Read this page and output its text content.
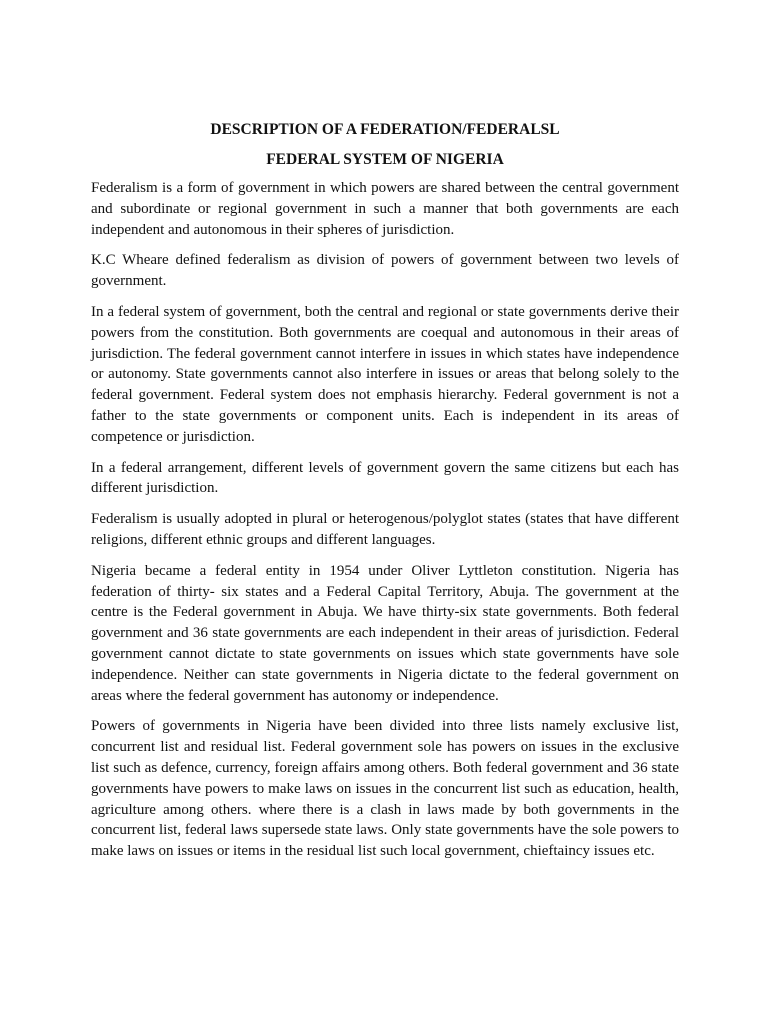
DESCRIPTION OF A FEDERATION/FEDERALSL
FEDERAL SYSTEM OF NIGERIA

Federalism is a form of government in which powers are shared between the central government and subordinate or regional government in such a manner that both governments are each independent and autonomous in their spheres of jurisdiction.

K.C Wheare defined federalism as division of powers of government between two levels of government.

In a federal system of government, both the central and regional or state governments derive their powers from the constitution. Both governments are coequal and autonomous in their areas of jurisdiction. The federal government cannot interfere in issues in which states have independence or autonomy. State governments cannot also interfere in issues or areas that belong solely to the federal government. Federal system does not emphasis hierarchy. Federal government is not a father to the state governments or component units. Each is independent in its areas of competence or jurisdiction.

In a federal arrangement, different levels of government govern the same citizens but each has different jurisdiction.

Federalism is usually adopted in plural or heterogenous/polyglot states (states that have different religions, different ethnic groups and different languages.

Nigeria became a federal entity in 1954 under Oliver Lyttleton constitution. Nigeria has federation of thirty- six states and a Federal Capital Territory, Abuja. The government at the centre is the Federal government in Abuja. We have thirty-six state governments. Both federal government and 36 state governments are each independent in their areas of jurisdiction. Federal government cannot dictate to state governments on issues which state governments have sole independence. Neither can state governments in Nigeria dictate to the federal government on areas where the federal government has autonomy or independence.

Powers of governments in Nigeria have been divided into three lists namely exclusive list, concurrent list and residual list. Federal government sole has powers on issues in the exclusive list such as defence, currency, foreign affairs among others. Both federal government and 36 state governments have powers to make laws on issues in the concurrent list such as education, health, agriculture among others. where there is a clash in laws made by both governments in the concurrent list, federal laws supersede state laws. Only state governments have the sole powers to make laws on issues or items in the residual list such local government, chieftaincy issues etc.
